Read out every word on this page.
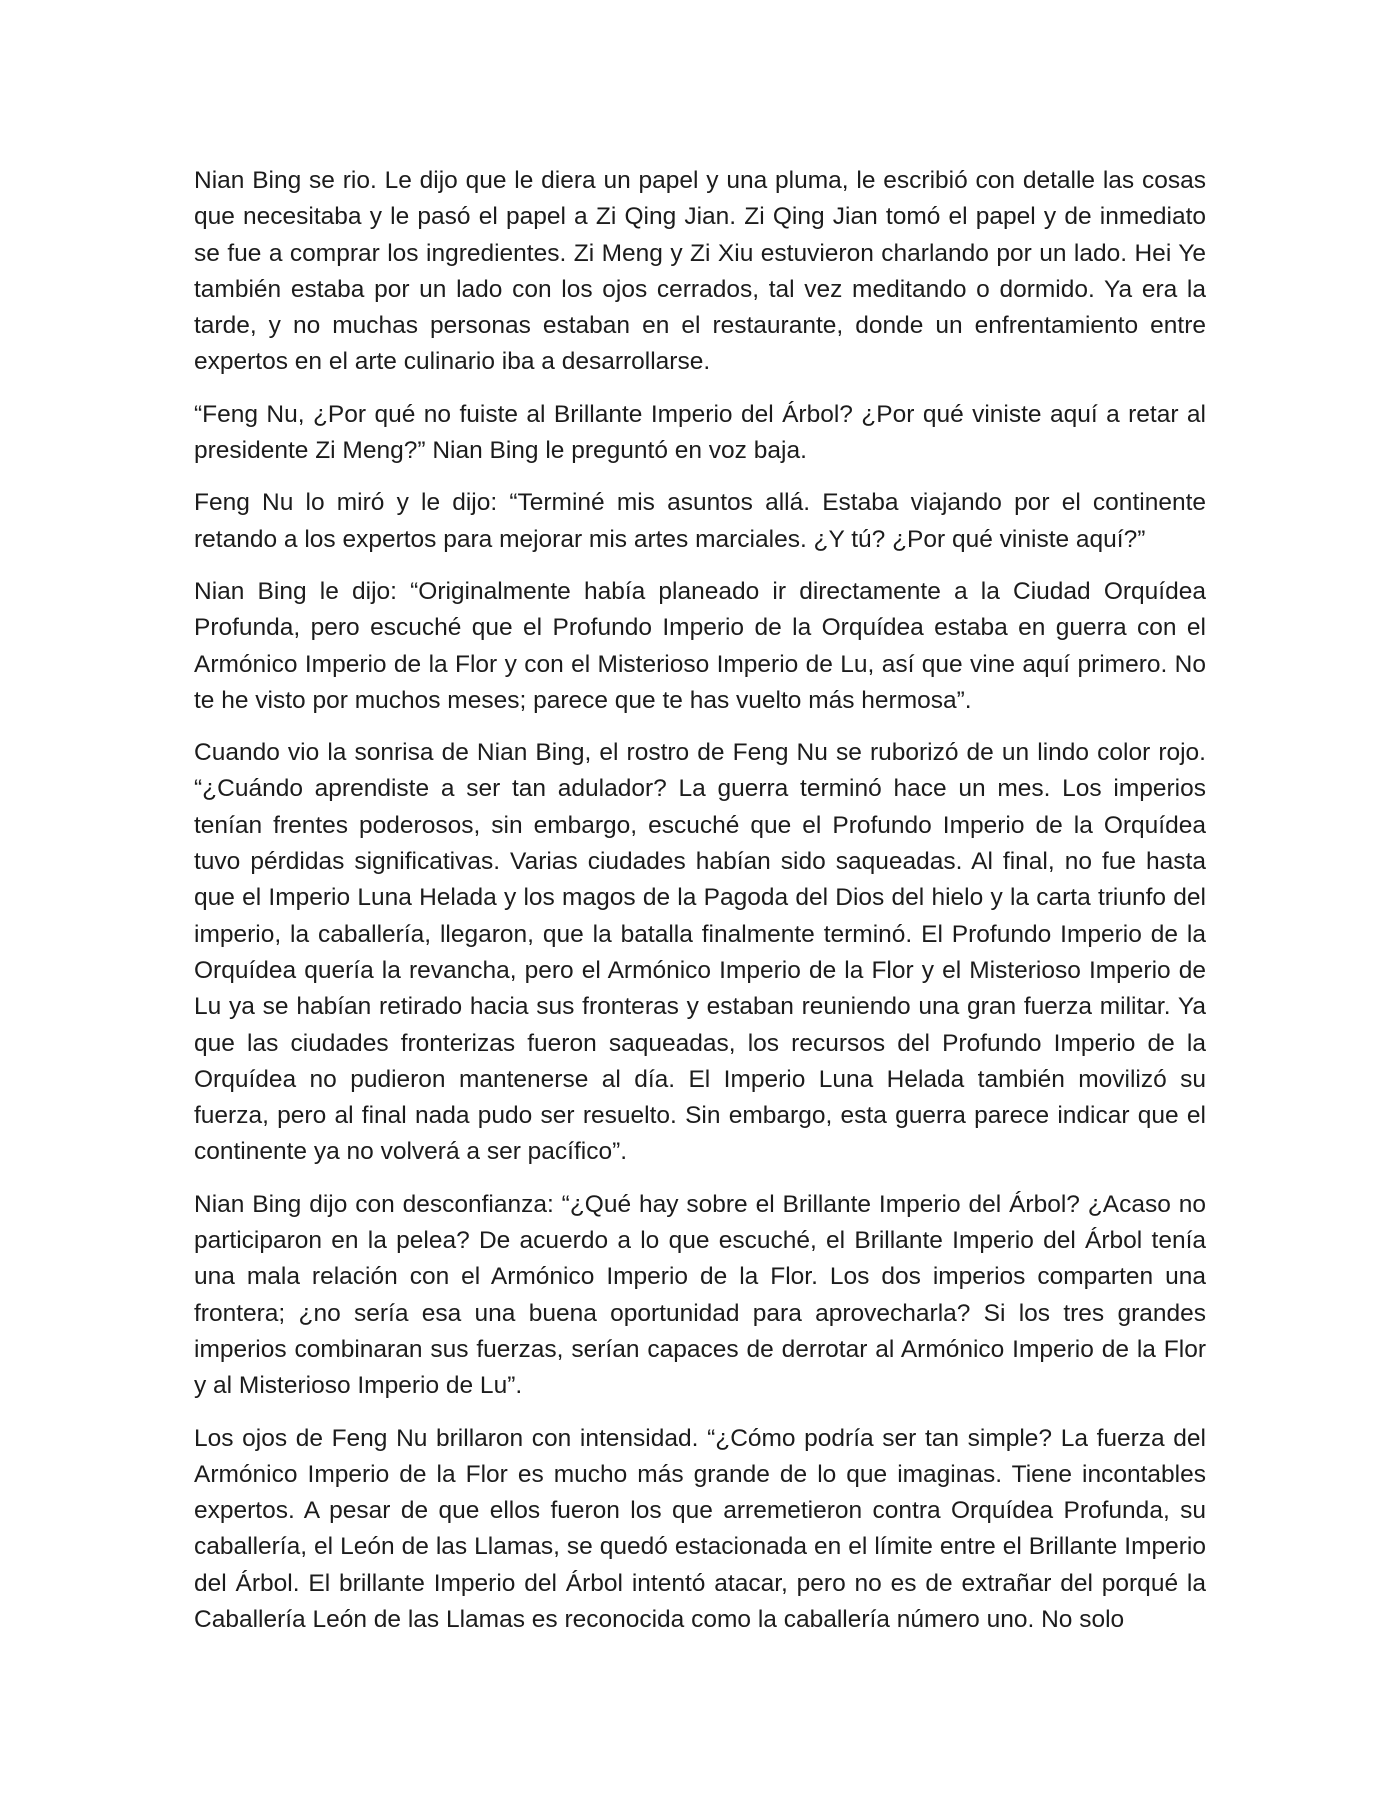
Nian Bing se rio. Le dijo que le diera un papel y una pluma, le escribió con detalle las cosas que necesitaba y le pasó el papel a Zi Qing Jian. Zi Qing Jian tomó el papel y de inmediato se fue a comprar los ingredientes. Zi Meng y Zi Xiu estuvieron charlando por un lado. Hei Ye también estaba por un lado con los ojos cerrados, tal vez meditando o dormido. Ya era la tarde, y no muchas personas estaban en el restaurante, donde un enfrentamiento entre expertos en el arte culinario iba a desarrollarse.

“Feng Nu, ¿Por qué no fuiste al Brillante Imperio del Árbol? ¿Por qué viniste aquí a retar al presidente Zi Meng?” Nian Bing le preguntó en voz baja.

Feng Nu lo miró y le dijo: “Terminé mis asuntos allá. Estaba viajando por el continente retando a los expertos para mejorar mis artes marciales. ¿Y tú? ¿Por qué viniste aquí?”

Nian Bing le dijo: “Originalmente había planeado ir directamente a la Ciudad Orquídea Profunda, pero escuché que el Profundo Imperio de la Orquídea estaba en guerra con el Armónico Imperio de la Flor y con el Misterioso Imperio de Lu, así que vine aquí primero. No te he visto por muchos meses; parece que te has vuelto más hermosa”.

Cuando vio la sonrisa de Nian Bing, el rostro de Feng Nu se ruborizó de un lindo color rojo. “¿Cuándo aprendiste a ser tan adulador? La guerra terminó hace un mes. Los imperios tenían frentes poderosos, sin embargo, escuché que el Profundo Imperio de la Orquídea tuvo pérdidas significativas. Varias ciudades habían sido saqueadas. Al final, no fue hasta que el Imperio Luna Helada y los magos de la Pagoda del Dios del hielo y la carta triunfo del imperio, la caballería, llegaron, que la batalla finalmente terminó. El Profundo Imperio de la Orquídea quería la revancha, pero el Armónico Imperio de la Flor y el Misterioso Imperio de Lu ya se habían retirado hacia sus fronteras y estaban reuniendo una gran fuerza militar. Ya que las ciudades fronterizas fueron saqueadas, los recursos del Profundo Imperio de la Orquídea no pudieron mantenerse al día. El Imperio Luna Helada también movilizó su fuerza, pero al final nada pudo ser resuelto. Sin embargo, esta guerra parece indicar que el continente ya no volverá a ser pacífico”.

Nian Bing dijo con desconfianza: “¿Qué hay sobre el Brillante Imperio del Árbol? ¿Acaso no participaron en la pelea? De acuerdo a lo que escuché, el Brillante Imperio del Árbol tenía una mala relación con el Armónico Imperio de la Flor. Los dos imperios comparten una frontera; ¿no sería esa una buena oportunidad para aprovecharla? Si los tres grandes imperios combinaran sus fuerzas, serían capaces de derrotar al Armónico Imperio de la Flor y al Misterioso Imperio de Lu”.

Los ojos de Feng Nu brillaron con intensidad. “¿Cómo podría ser tan simple? La fuerza del Armónico Imperio de la Flor es mucho más grande de lo que imaginas. Tiene incontables expertos. A pesar de que ellos fueron los que arremetieron contra Orquídea Profunda, su caballería, el León de las Llamas, se quedó estacionada en el límite entre el Brillante Imperio del Árbol. El brillante Imperio del Árbol intentó atacar, pero no es de extrañar del porqué la Caballería León de las Llamas es reconocida como la caballería número uno. No solo
